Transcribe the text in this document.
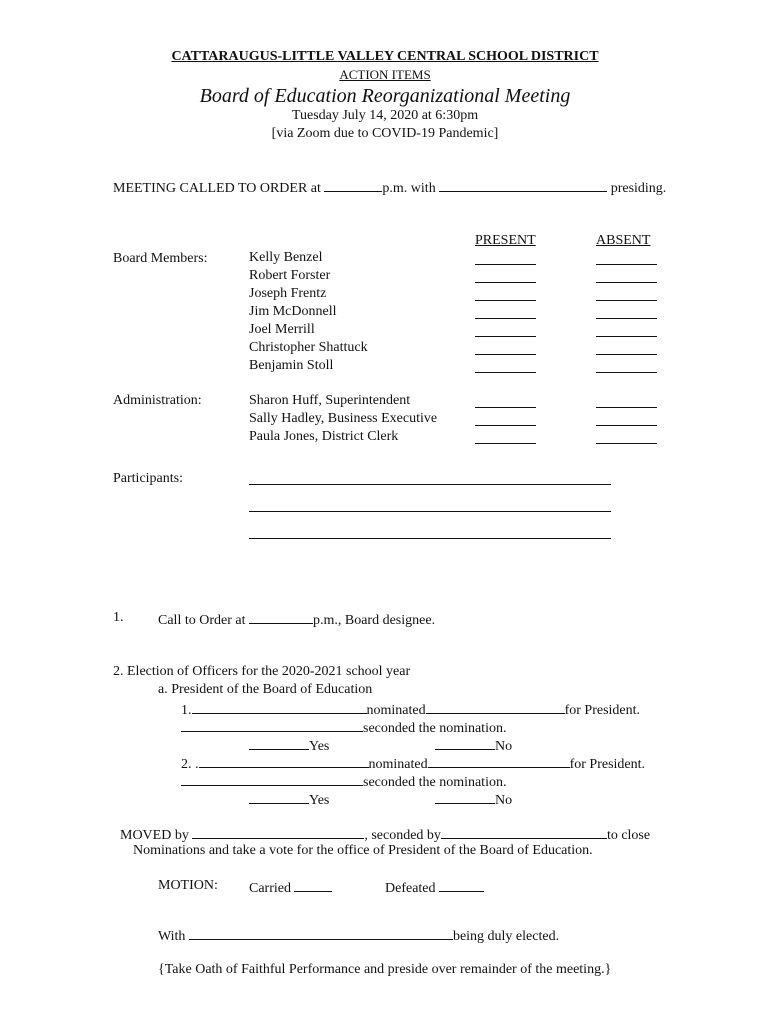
CATTARAUGUS-LITTLE VALLEY CENTRAL SCHOOL DISTRICT
ACTION ITEMS
Board of Education Reorganizational Meeting
Tuesday July 14, 2020 at 6:30pm
[via Zoom due to COVID-19 Pandemic]
MEETING CALLED TO ORDER at	p.m. with	presiding.
PRESENT	ABSENT
Board Members:	Kelly Benzel
Robert Forster
Joseph Frentz
Jim McDonnell
Joel Merrill
Christopher Shattuck
Benjamin Stoll
Administration:	Sharon Huff, Superintendent
Sally Hadley, Business Executive
Paula Jones, District Clerk
Participants:
1. Call to Order at	p.m., Board designee.
2. Election of Officers for the 2020-2021 school year
a. President of the Board of Education
1.	nominated	for President.
seconded the nomination.
Yes	No
2. .	nominated	for President.
seconded the nomination.
Yes	No
MOVED by	, seconded by	to close
Nominations and take a vote for the office of President of the Board of Education.
MOTION: Carried	Defeated
With	being duly elected.
{Take Oath of Faithful Performance and preside over remainder of the meeting.}
